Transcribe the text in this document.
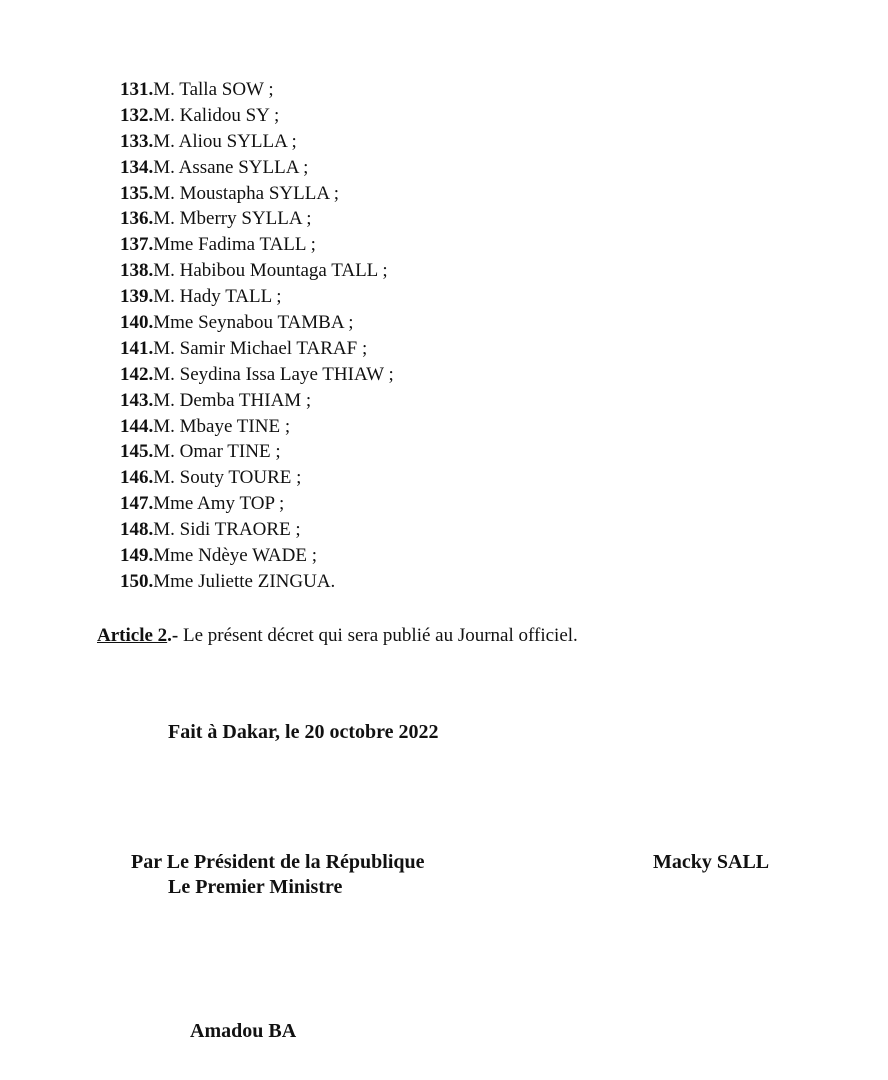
131.M. Talla SOW ;
132.M. Kalidou SY ;
133.M. Aliou SYLLA ;
134.M. Assane SYLLA ;
135.M. Moustapha SYLLA ;
136.M. Mberry SYLLA ;
137.Mme Fadima TALL ;
138.M. Habibou Mountaga TALL ;
139.M. Hady TALL ;
140.Mme Seynabou TAMBA ;
141.M. Samir Michael TARAF ;
142.M. Seydina Issa Laye THIAW ;
143.M. Demba THIAM ;
144.M. Mbaye TINE ;
145.M. Omar TINE ;
146.M. Souty TOURE ;
147.Mme Amy TOP ;
148.M. Sidi TRAORE ;
149.Mme Ndèye WADE ;
150.Mme Juliette ZINGUA.
Article 2.- Le présent décret qui sera publié au Journal officiel.
Fait à Dakar, le 20 octobre 2022
Par Le Président de la République
Le Premier Ministre
Macky SALL
Amadou BA
